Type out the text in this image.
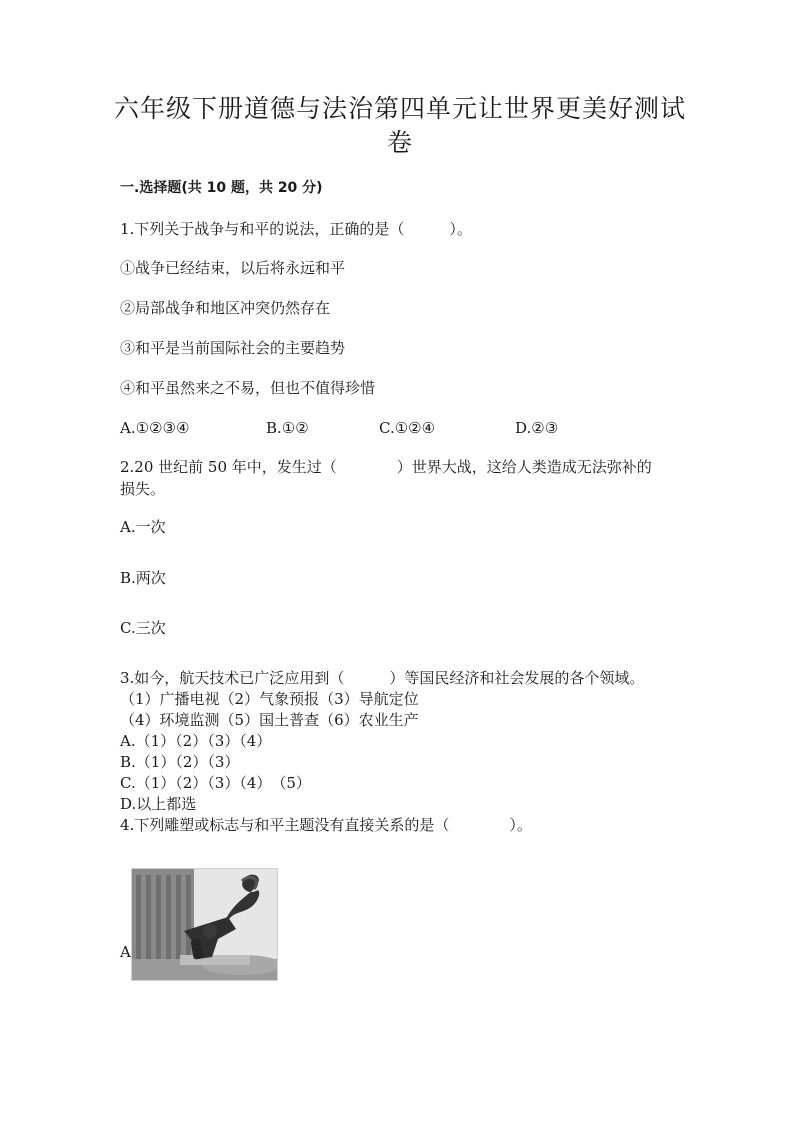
六年级下册道德与法治第四单元让世界更美好测试
卷
一.选择题(共 10 题，共 20 分)
1.下列关于战争与和平的说法，正确的是（　　　）。
①战争已经结束，以后将永远和平
②局部战争和地区冲突仍然存在
③和平是当前国际社会的主要趋势
④和平虽然来之不易，但也不值得珍惜
A.①②③④	B.①②	C.①②④	D.②③
2.20 世纪前 50 年中，发生过（　　　　）世界大战，这给人类造成无法弥补的
损失。
A.一次
B.两次
C.三次
3.如今，航天技术已广泛应用到（　　　）等国民经济和社会发展的各个领域。
（1）广播电视（2）气象预报（3）导航定位
（4）环境监测（5）国土普查（6）农业生产
A.（1）（2）（3）（4）
B.（1）（2）（3）
C.（1）（2）（3）（4）　（5）
D.以上都选
4.下列雕塑或标志与和平主题没有直接关系的是（　　　　）。
A
